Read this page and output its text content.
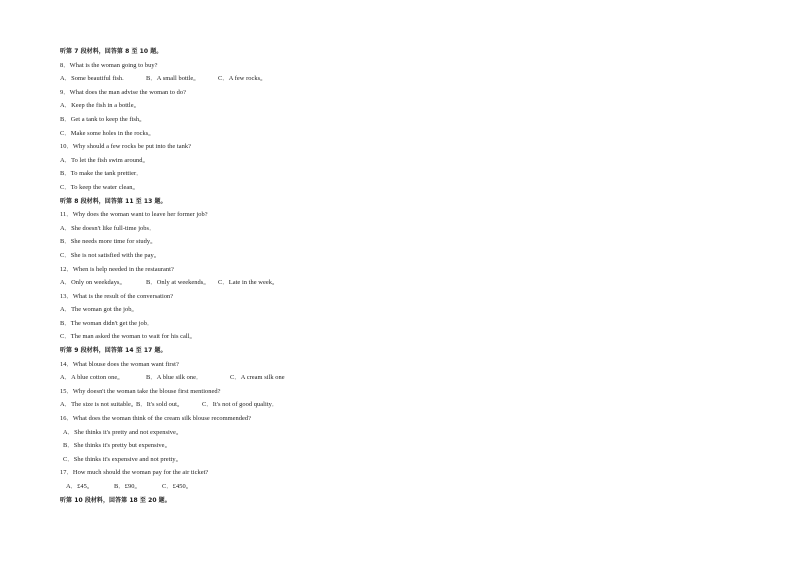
听第 7 段材料，回答第 8 至 10 题。
8．What is the woman going to buy?
A．Some beautiful fish.	B．A small bottle。	C．A few rocks。
9．What does the man advise the woman to do?
A．Keep the fish in a bottle。
B．Get a tank to keep the fish。
C．Make some holes in the rocks。
10．Why should a few rocks be put into the tank?
A．To let the fish swim around。
B．To make the tank prettier．
C．To keep the water clean。
听第 8 段材料，回答第 11 至 13 题。
11．Why does the woman want to leave her former job?
A．She doesn't like full-time jobs．
B．She needs more time for study。
C．She is not satisfied with the pay。
12．When is help needed in the restaurant?
A．Only on weekdays。	B．Only at weekends。 C．Late in the week。
13．What is the result of the conversation?
A．The woman got the job。
B．The woman didn't get the job．
C．The man asked the woman to wait for his call。
听第 9 段材料，回答第 14 至 17 题。
14．What blouse does the woman want first?
A．A blue cotton one。	B．A blue silk one．	C．A cream silk one
15．Why doesn't the woman take the blouse first mentioned?
A．The size is not suitable。B．It's sold out。	C．It's not of good quality．
16．What does the woman think of the cream silk blouse recommended?
A．She thinks it's pretty and not expensive。
B．She thinks it's pretty but expensive。
C．She thinks it's expensive and not pretty。
17．How much should the woman pay for the air ticket?
A．£45。	B．£90。	C．£450。
听第 10 段材料，回答第 18 至 20 题。
